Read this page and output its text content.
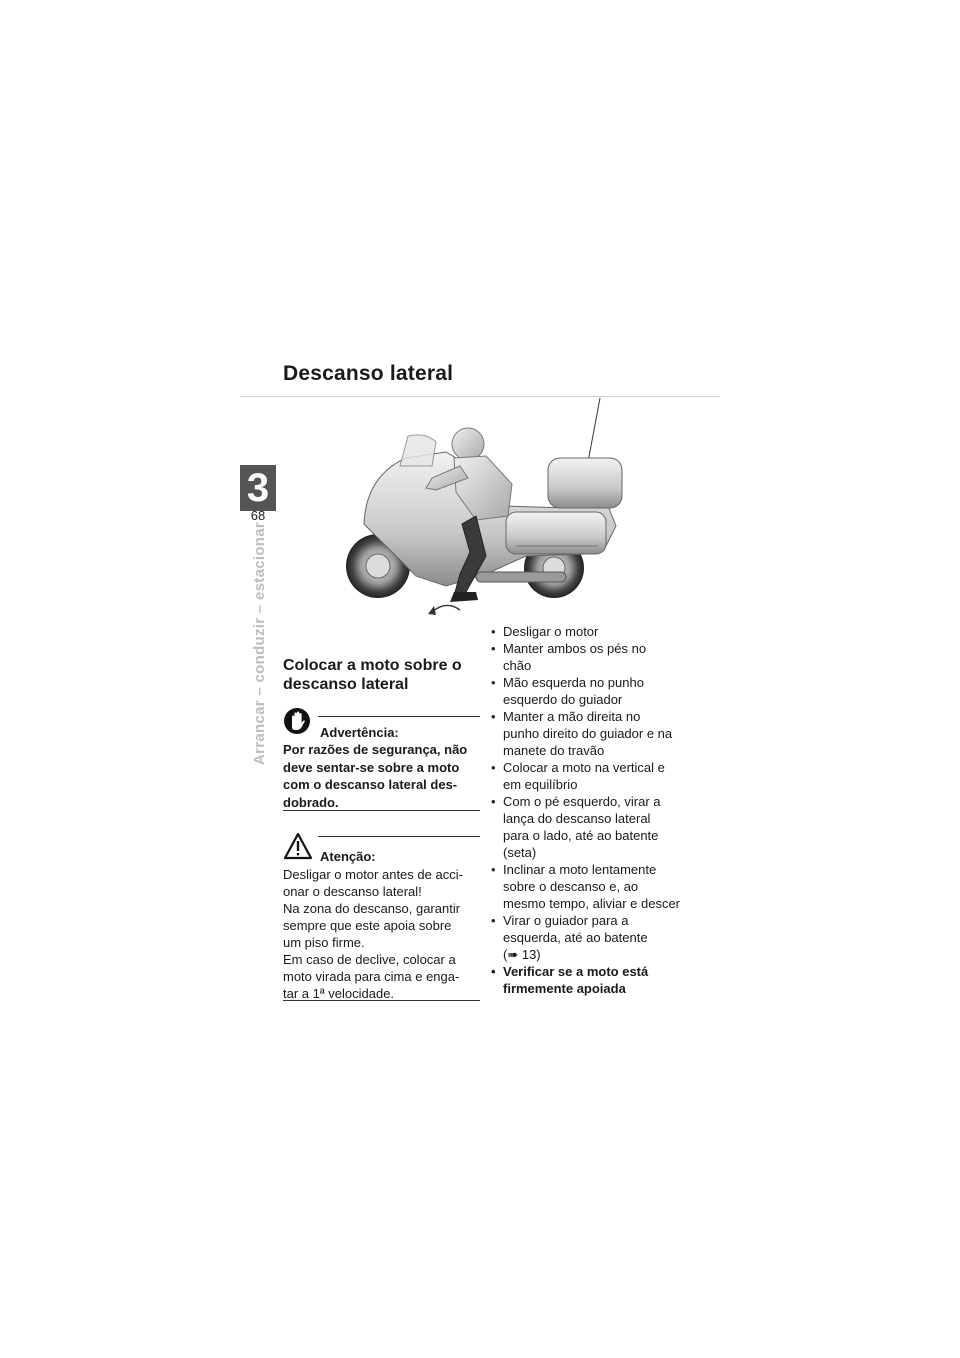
Descanso lateral
3
68
Arrancar – conduzir – estacionar Colocar a moto sobre o descanso lateral
Advertência:
Por razões de segurança, não
deve sentar-se sobre a moto
com o descanso lateral des-
dobrado.
Atenção:
Desligar o motor antes de acci-
onar o descanso lateral!
Na zona do descanso, garantir
sempre que este apoia sobre
um piso firme.
Em caso de declive, colocar a
moto virada para cima e enga-
tar a 1ª velocidade.
• Desligar o motor
• Manter ambos os pés no
chão
• Mão esquerda no punho
esquerdo do guiador
• Manter a mão direita no
punho direito do guiador e na
manete do travão
• Colocar a moto na vertical e
em equilíbrio
• Com o pé esquerdo, virar a
lança do descanso lateral
para o lado, até ao batente
(seta)
• Inclinar a moto lentamente
sobre o descanso e, ao
mesmo tempo, aliviar e descer
• Virar o guiador para a
esquerda, até ao batente
(➠ 13)
• Verificar se a moto está
firmemente apoiada
